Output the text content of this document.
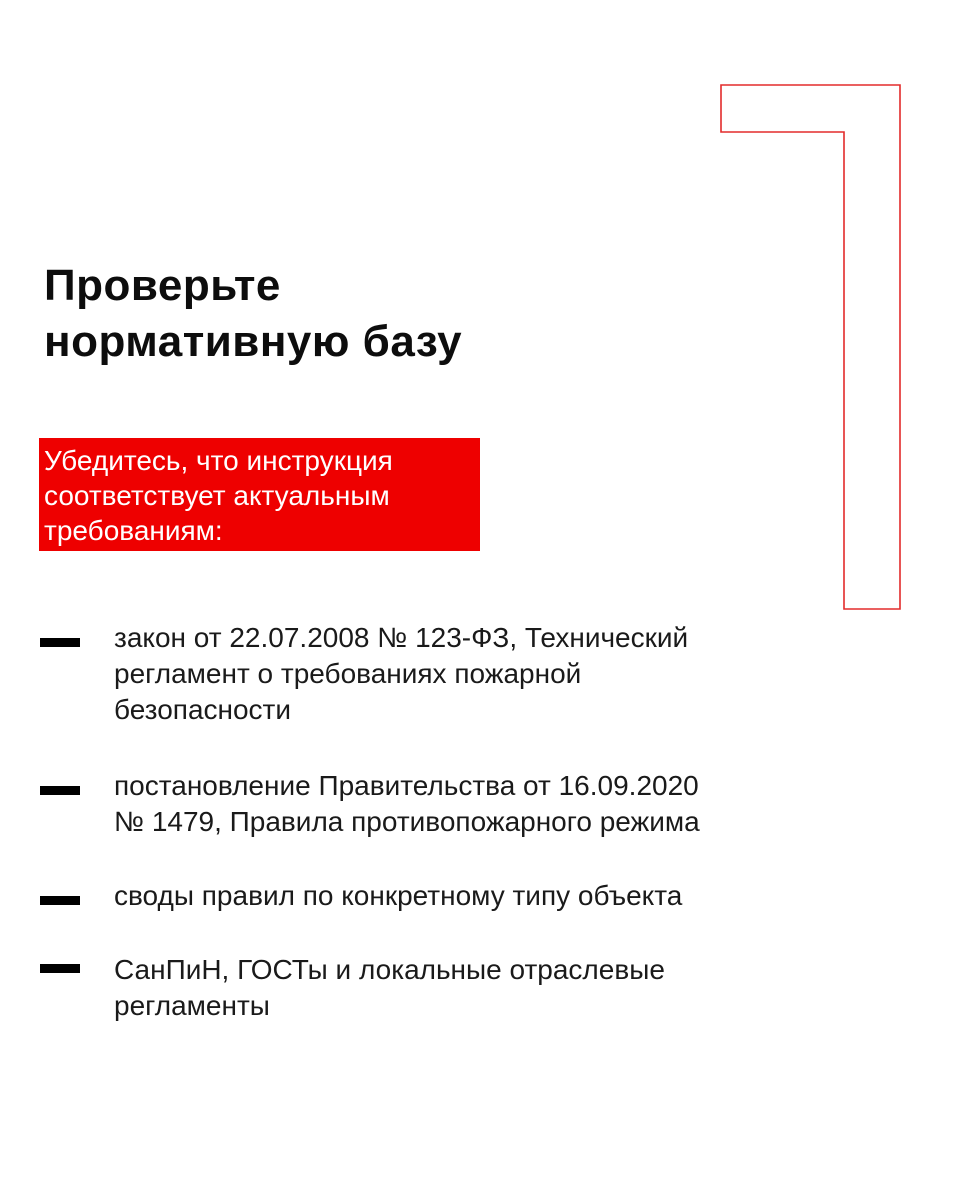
Проверьте
нормативную базу
Убедитесь, что инструкция
соответствует актуальным
требованиям:
закон от 22.07.2008 № 123-ФЗ, Технический
регламент о требованиях пожарной
безопасности
постановление Правительства от 16.09.2020
№ 1479, Правила противопожарного режима
своды правил по конкретному типу объекта
СанПиН, ГОСТы и локальные отраслевые
регламенты
